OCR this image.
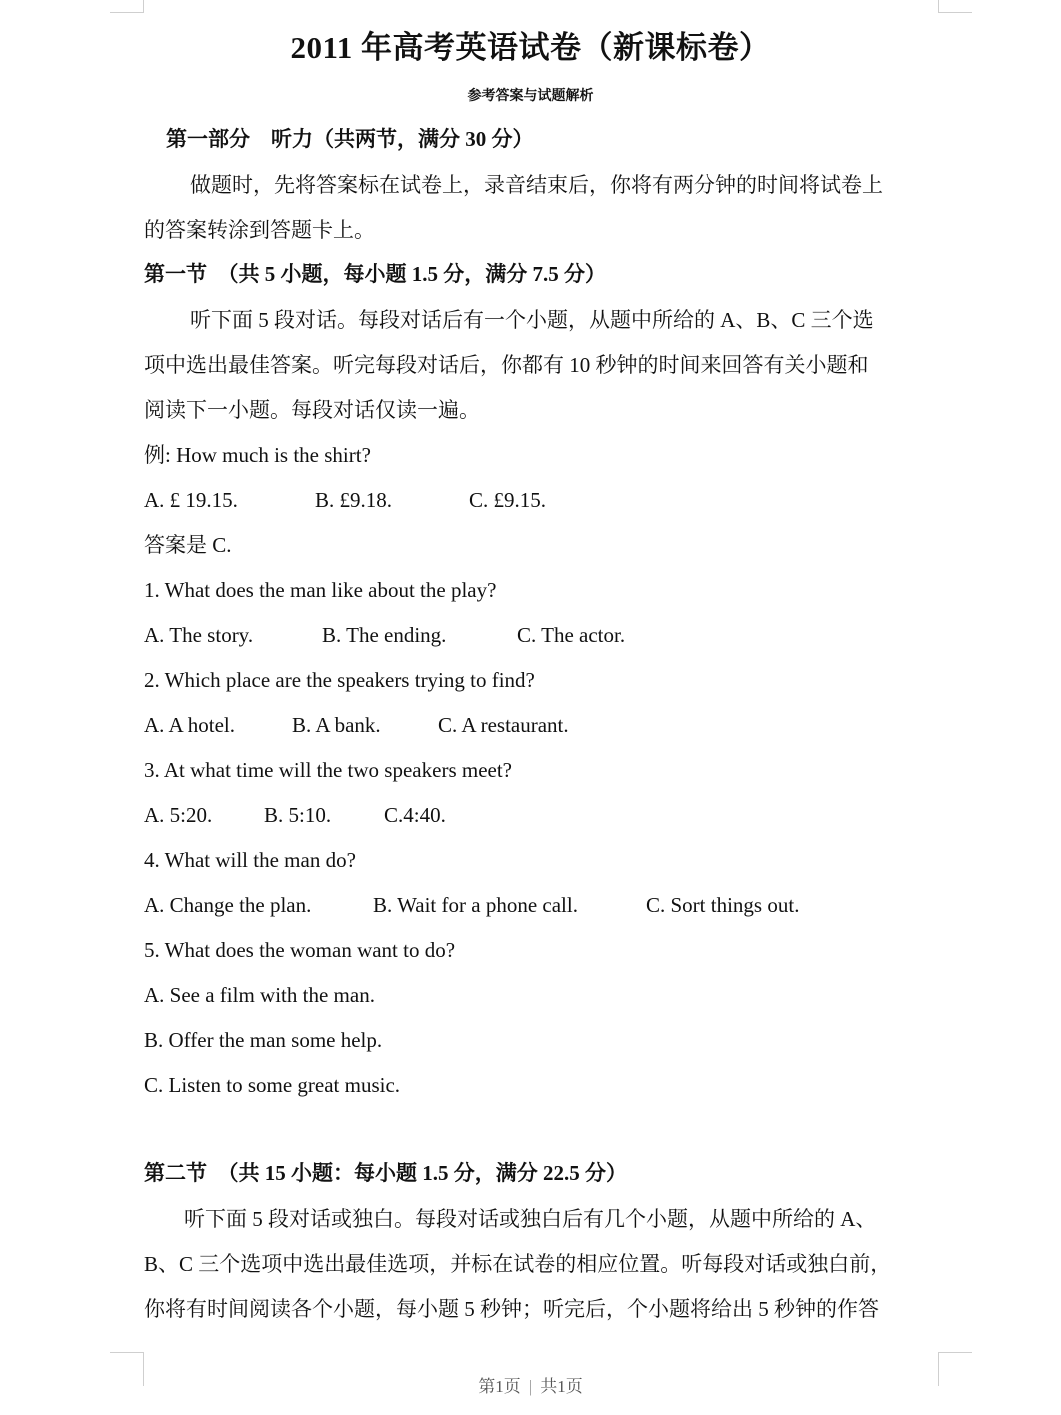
2011 年高考英语试卷（新课标卷）
参考答案与试题解析
第一部分　听力（共两节，满分 30 分）
做题时，先将答案标在试卷上，录音结束后，你将有两分钟的时间将试卷上
的答案转涂到答题卡上。
第一节　（共 5 小题，每小题 1.5 分，满分 7.5 分）
听下面 5 段对话。每段对话后有一个小题，从题中所给的 A、B、C 三个选
项中选出最佳答案。听完每段对话后，你都有 10 秒钟的时间来回答有关小题和
阅读下一小题。每段对话仅读一遍。
例: How much is the shirt?
A. £ 19.15.	B. £9.18.	C. £9.15.
答案是 C.
1. What does the man like about the play?
A. The story.	B. The ending.	C. The actor.
2. Which place are the speakers trying to find?
A. A hotel.	B. A bank.	C. A restaurant.
3. At what time will the two speakers meet?
A. 5:20. B. 5:10.	C.4:40.
4. What will the man do?
A. Change the plan.	B. Wait for a phone call.	C. Sort things out.
5. What does the woman want to do?
A. See a film with the man.
B. Offer the man some help.
C. Listen to some great music.
第二节　（共 15 小题：每小题 1.5 分，满分 22.5 分）
听下面 5 段对话或独白。每段对话或独白后有几个小题，从题中所给的 A、
B、C 三个选项中选出最佳选项，并标在试卷的相应位置。听每段对话或独白前，
你将有时间阅读各个小题，每小题 5 秒钟；听完后，个小题将给出 5 秒钟的作答
第1页 | 共1页
